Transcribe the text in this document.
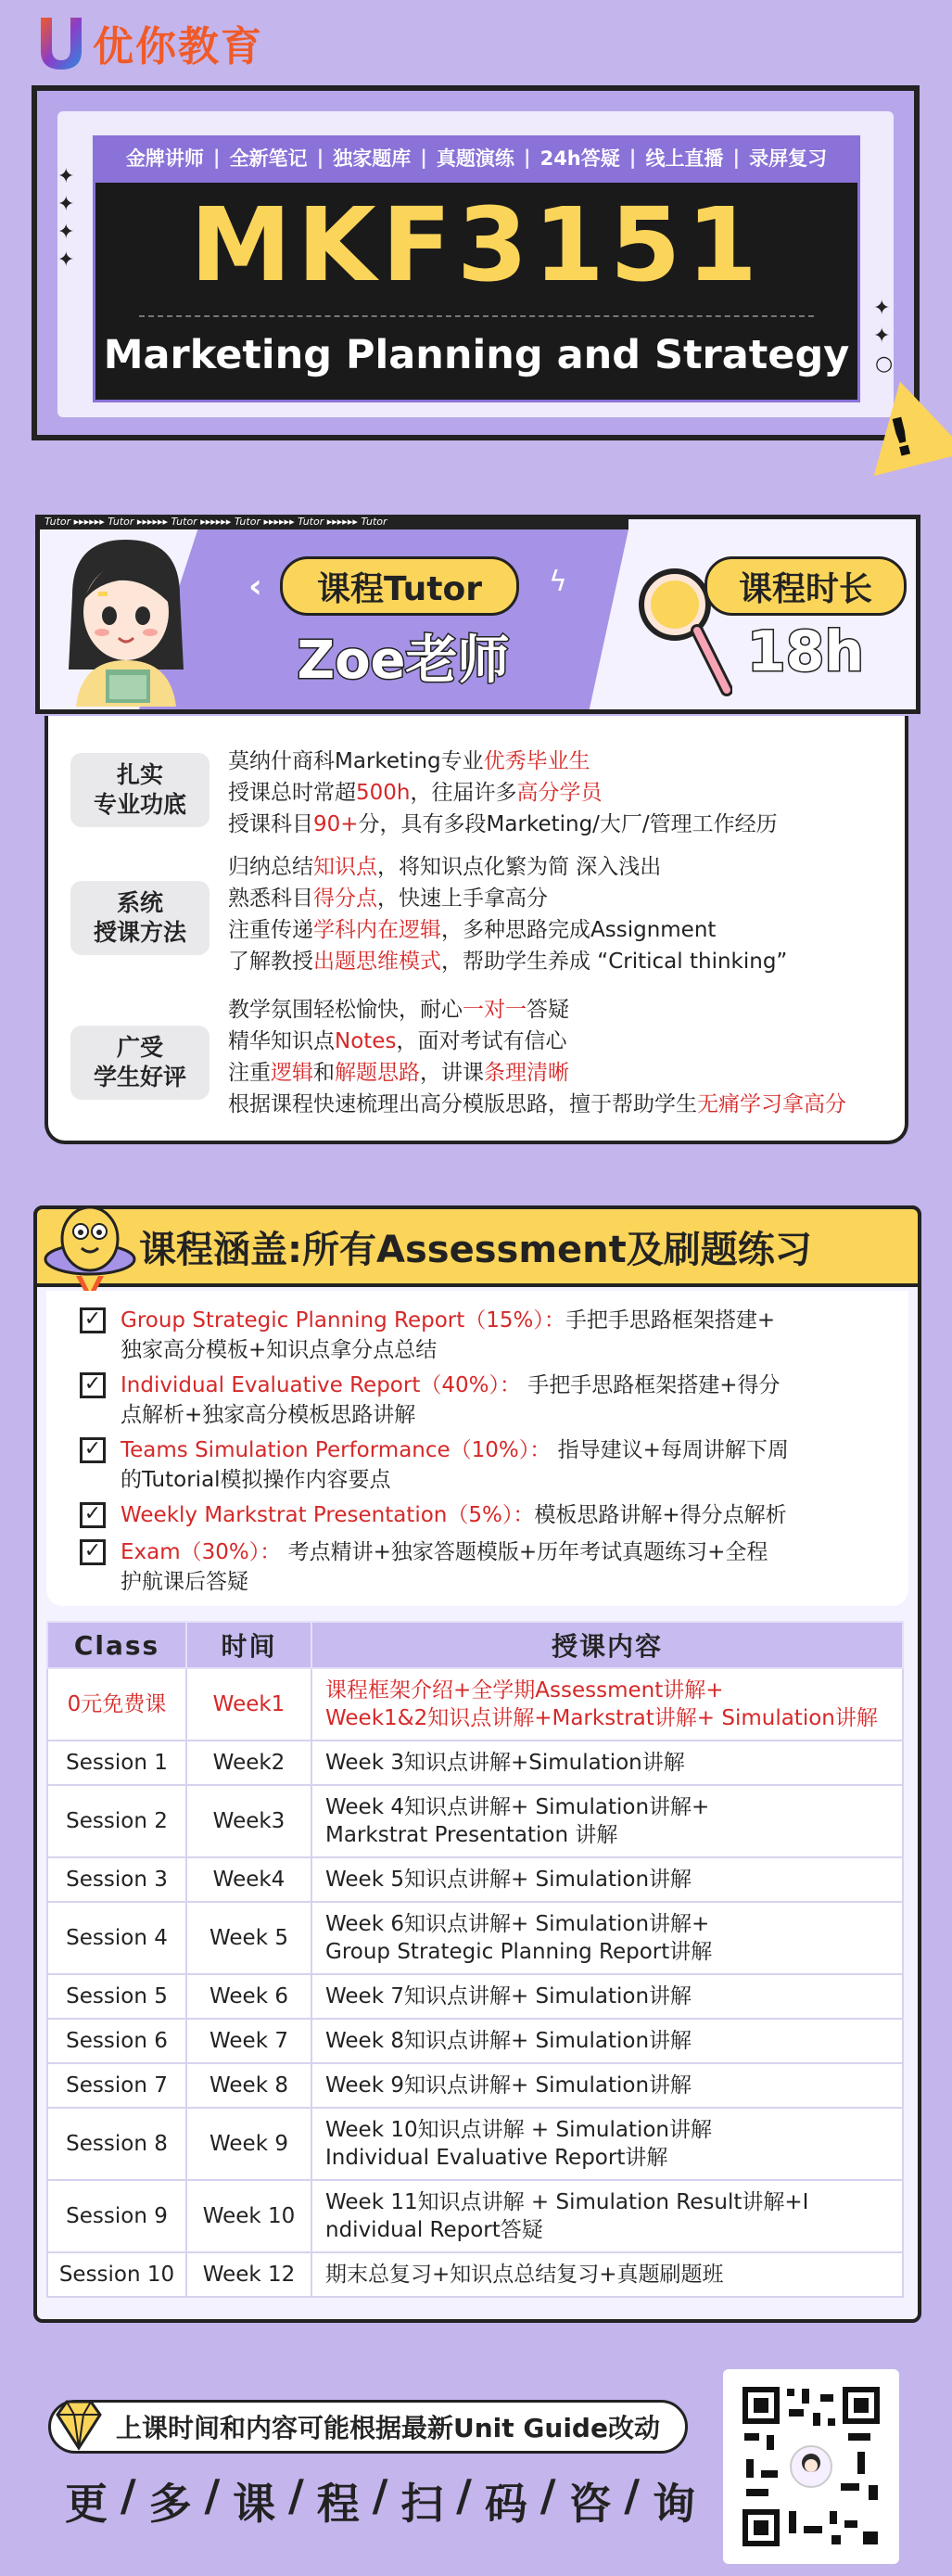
优你教育
✦
✦
✦
✦
✦
✦
○
金牌讲师 | 全新笔记 | 独家题库 | 真题演练 | 24h答疑 | 线上直播 | 录屏复习
MKF3151
Marketing Planning and Strategy
!
Tutor ▸▸▸▸▸▸ Tutor ▸▸▸▸▸▸ Tutor ▸▸▸▸▸▸ Tutor ▸▸▸▸▸▸ Tutor ▸▸▸▸▸▸ Tutor
‹	课程Tutor	ϟ
Zoe老师
课程时长
18h
扎实
专业功底
莫纳什商科Marketing专业优秀毕业生
授课总时常超500h，往届许多高分学员
授课科目90+分，具有多段Marketing/大厂/管理工作经历
系统
授课方法
归纳总结知识点，将知识点化繁为简 深入浅出
熟悉科目得分点，快速上手拿高分
注重传递学科内在逻辑，多种思路完成Assignment
了解教授出题思维模式，帮助学生养成 “Critical thinking”
广受
学生好评
教学氛围轻松愉快，耐心一对一答疑
精华知识点Notes，面对考试有信心
注重逻辑和解题思路，讲课条理清晰
根据课程快速梳理出高分模版思路，擅于帮助学生无痛学习拿高分
课程涵盖:所有Assessment及刷题练习
✓ Group Strategic Planning Report（15%）：手把手思路框架搭建+
独家高分模板+知识点拿分点总结
✓ Individual Evaluative Report（40%）： 手把手思路框架搭建+得分
点解析+独家高分模板思路讲解
✓ Teams Simulation Performance（10%）： 指导建议+每周讲解下周
的Tutorial模拟操作内容要点
✓ Weekly Markstrat Presentation（5%）：模板思路讲解+得分点解析
✓ Exam（30%）： 考点精讲+独家答题模版+历年考试真题练习+全程
护航课后答疑
Class	时间	授课内容
0元免费课	Week1	课程框架介绍+全学期Assessment讲解+
Week1&2知识点讲解+Markstrat讲解+ Simulation讲解

Session 1	Week2	Week 3知识点讲解+Simulation讲解

Session 2	Week3	Week 4知识点讲解+ Simulation讲解+
Markstrat Presentation 讲解

Session 3	Week4	Week 5知识点讲解+ Simulation讲解

Session 4	Week 5	Week 6知识点讲解+ Simulation讲解+
Group Strategic Planning Report讲解

Session 5	Week 6	Week 7知识点讲解+ Simulation讲解

Session 6	Week 7	Week 8知识点讲解+ Simulation讲解

Session 7	Week 8	Week 9知识点讲解+ Simulation讲解

Session 8	Week 9	Week 10知识点讲解 + Simulation讲解
Individual Evaluative Report讲解

Session 9	Week 10	Week 11知识点讲解 + Simulation Result讲解+I
ndividual Report答疑

Session 10	Week 12	期末总复习+知识点总结复习+真题刷题班
上课时间和内容可能根据最新Unit Guide改动
更 / 多 / 课 / 程 / 扫 / 码 / 咨 / 询
